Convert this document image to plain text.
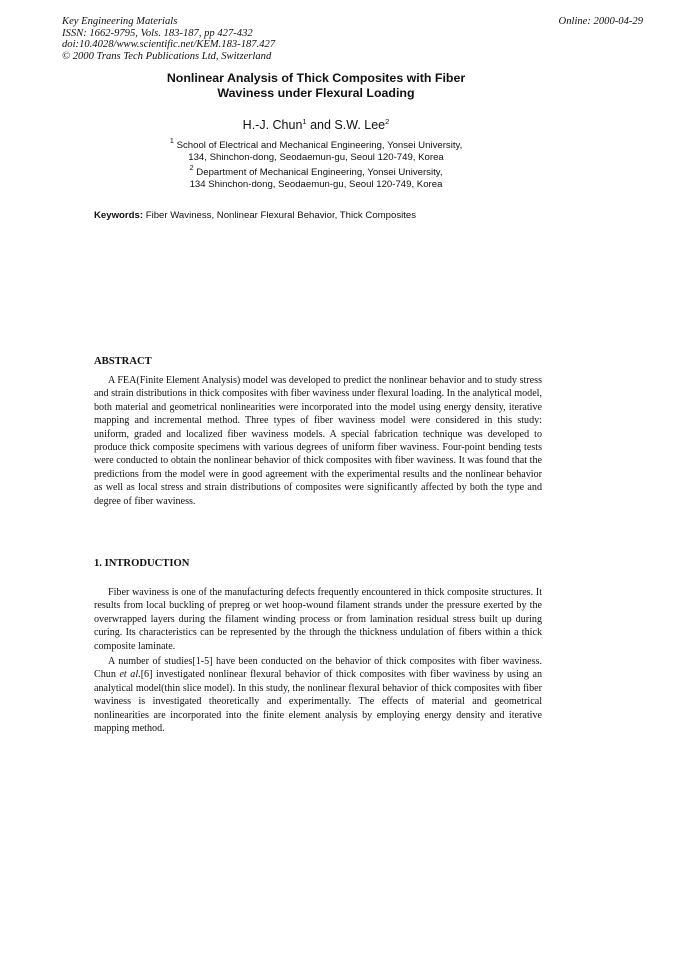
Key Engineering Materials
ISSN: 1662-9795, Vols. 183-187, pp 427-432
doi:10.4028/www.scientific.net/KEM.183-187.427
© 2000 Trans Tech Publications Ltd, Switzerland
Online: 2000-04-29
Nonlinear Analysis of Thick Composites with Fiber
Waviness under Flexural Loading
H.-J. Chun$^1$ and S.W. Lee$^2$
$^1$ School of Electrical and Mechanical Engineering, Yonsei University,
134, Shinchon-dong, Seodaemun-gu, Seoul 120-749, Korea
$^2$ Department of Mechanical Engineering, Yonsei University,
134 Shinchon-dong, Seodaemun-gu, Seoul 120-749, Korea
Keywords: Fiber Waviness, Nonlinear Flexural Behavior, Thick Composites
ABSTRACT

A FEA(Finite Element Analysis) model was developed to predict the nonlinear behavior and to study stress and strain distributions in thick composites with fiber waviness under flexural loading. In the analytical model, both material and geometrical nonlinearities were incorporated into the model using energy density, iterative mapping and incremental method. Three types of fiber waviness model were considered in this study: uniform, graded and localized fiber waviness models. A special fabrication technique was developed to produce thick composite specimens with various degrees of uniform fiber waviness. Four-point bending tests were conducted to obtain the nonlinear behavior of thick composites with fiber waviness. It was found that the predictions from the model were in good agreement with the experimental results and the nonlinear behavior as well as local stress and strain distributions of composites were significantly affected by both the type and degree of fiber waviness.

1. INTRODUCTION

Fiber waviness is one of the manufacturing defects frequently encountered in thick composite structures. It results from local buckling of prepreg or wet hoop-wound filament strands under the pressure exerted by the overwrapped layers during the filament winding process or from lamination residual stress built up during curing. Its characteristics can be represented by the through the thickness undulation of fibers within a thick composite laminate.

A number of studies[1-5] have been conducted on the behavior of thick composites with fiber waviness. Chun et al.[6] investigated nonlinear flexural behavior of thick composites with fiber waviness by using an analytical model(thin slice model). In this study, the nonlinear flexural behavior of thick composites with fiber waviness is investigated theoretically and experimentally. The effects of material and geometrical nonlinearities are incorporated into the finite element analysis by employing energy density and iterative mapping method.
